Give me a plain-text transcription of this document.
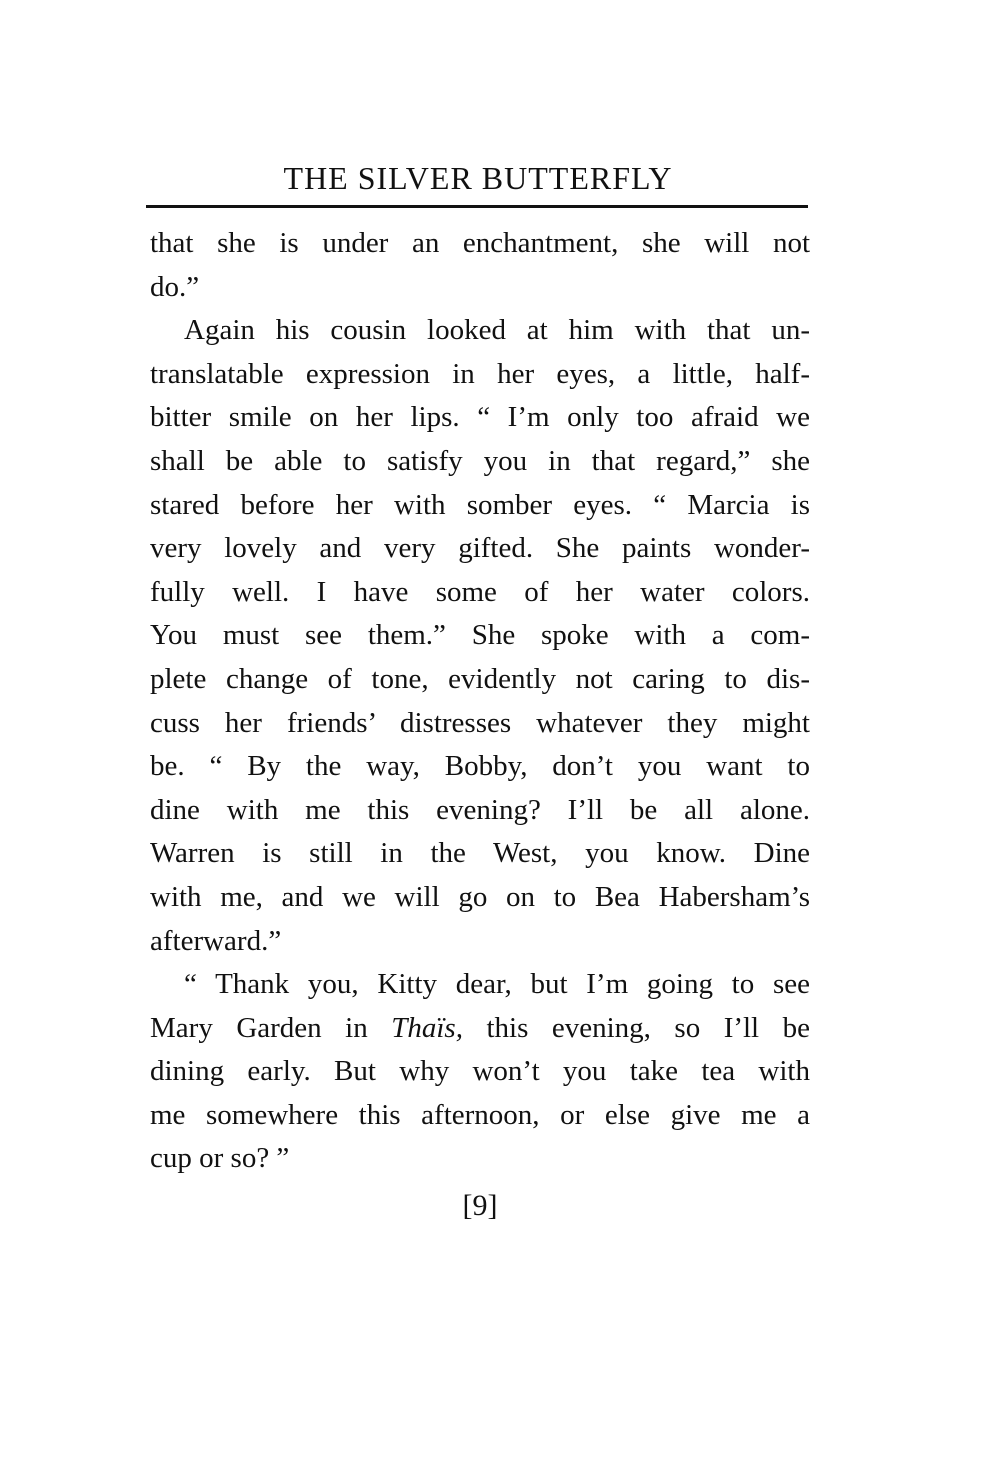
THE SILVER BUTTERFLY
that she is under an enchantment, she will not
do.”
Again his cousin looked at him with that un-
translatable expression in her eyes, a little, half-
bitter smile on her lips. “ I’m only too afraid we
shall be able to satisfy you in that regard,” she
stared before her with somber eyes. “ Marcia is
very lovely and very gifted. She paints wonder-
fully well. I have some of her water colors.
You must see them.” She spoke with a com-
plete change of tone, evidently not caring to dis-
cuss her friends’ distresses whatever they might
be. “ By the way, Bobby, don’t you want to
dine with me this evening? I’ll be all alone.
Warren is still in the West, you know. Dine
with me, and we will go on to Bea Habersham’s
afterward.”
“ Thank you, Kitty dear, but I’m going to see
Mary Garden in Thaïs, this evening, so I’ll be
dining early. But why won’t you take tea with
me somewhere this afternoon, or else give me a
cup or so? ”
[9]
